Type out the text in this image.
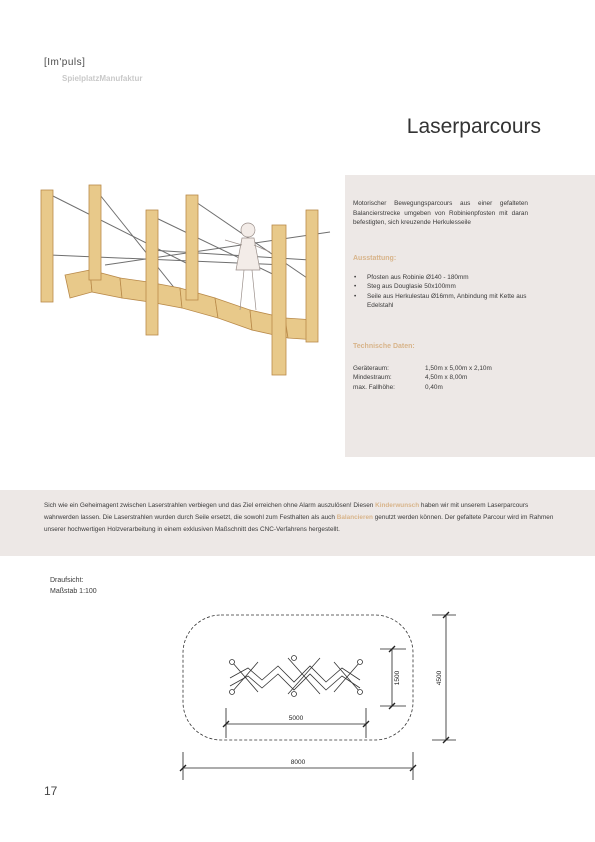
[Im'puls]
SpielplatzManufaktur
Laserparcours
Motorischer Bewegungsparcours aus einer gefalteten Balancierstrecke umgeben von Robinienpfosten mit daran befestigten, sich kreuzende Herkulesseile
Ausstattung:
• Pfosten aus Robinie Ø140 - 180mm
• Steg aus Douglasie 50x100mm
• Seile aus Herkulestau Ø16mm, Anbindung mit Kette aus Edelstahl
Technische Daten:
Geräteraum:	1,50m x 5,00m x 2,10m
Mindestraum:	4,50m x 8,00m
max. Fallhöhe:	0,40m
Sich wie ein Geheimagent zwischen Laserstrahlen verbiegen und das Ziel erreichen ohne Alarm auszulösen! Diesen Kinderwunsch haben wir mit unserem Laserparcours wahrwerden lassen. Die Laserstrahlen wurden durch Seile ersetzt, die sowohl zum Festhalten als auch Balancieren genutzt werden können. Der gefaltete Parcour wird im Rahmen unserer hochwertigen Holzverarbeitung in einem exklusiven Maßschnitt des CNC-Verfahrens hergestellt.
Draufsicht:
Maßstab 1:100
5000
8000
1500	4500
17
